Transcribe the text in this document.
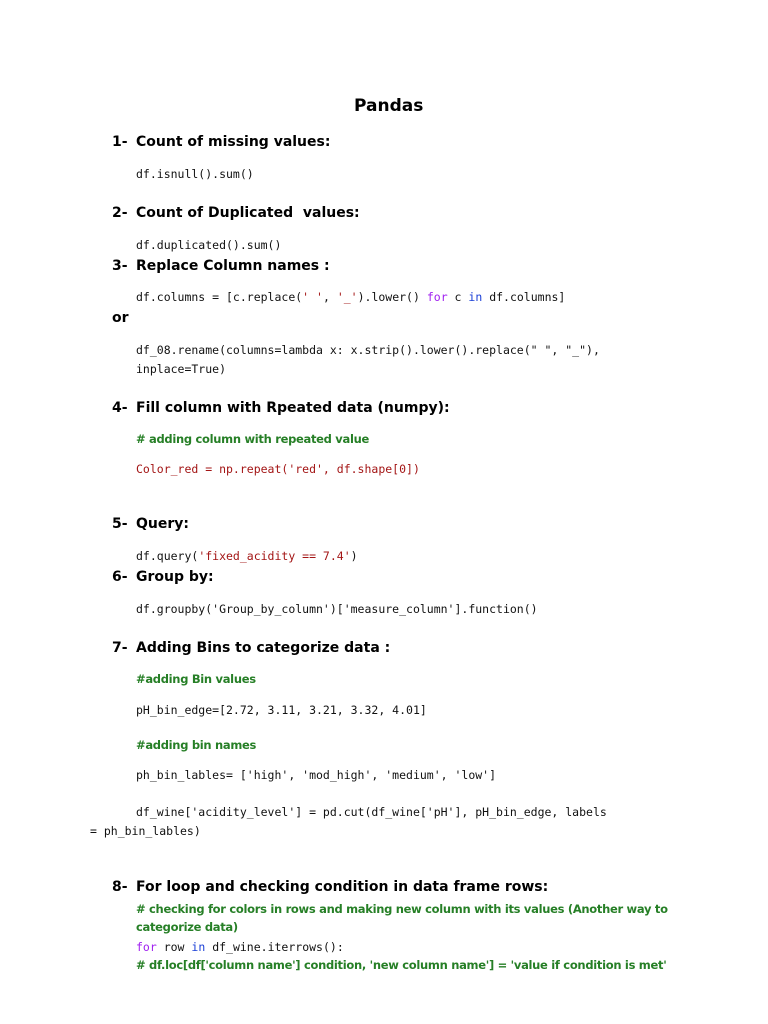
Pandas
1- Count of missing values:
df.isnull().sum()
2- Count of Duplicated  values:
df.duplicated().sum()
3- Replace Column names :
df.columns = [c.replace(' ', '_').lower() for c in df.columns]
or
df_08.rename(columns=lambda x: x.strip().lower().replace(" ", "_"),
inplace=True)
4- Fill column with Rpeated data (numpy):
# adding column with repeated value
Color_red = np.repeat('red', df.shape[0])
5- Query:
df.query('fixed_acidity == 7.4')
6- Group by:
df.groupby('Group_by_column')['measure_column'].function()
7- Adding Bins to categorize data :
#adding Bin values
pH_bin_edge=[2.72, 3.11, 3.21, 3.32, 4.01]
#adding bin names
ph_bin_lables= ['high', 'mod_high', 'medium', 'low']
df_wine['acidity_level'] = pd.cut(df_wine['pH'], pH_bin_edge, labels
= ph_bin_lables)
8- For loop and checking condition in data frame rows:
# checking for colors in rows and making new column with its values (Another way to
categorize data)
for row in df_wine.iterrows():
# df.loc[df['column name'] condition, 'new column name'] = 'value if condition is met'
